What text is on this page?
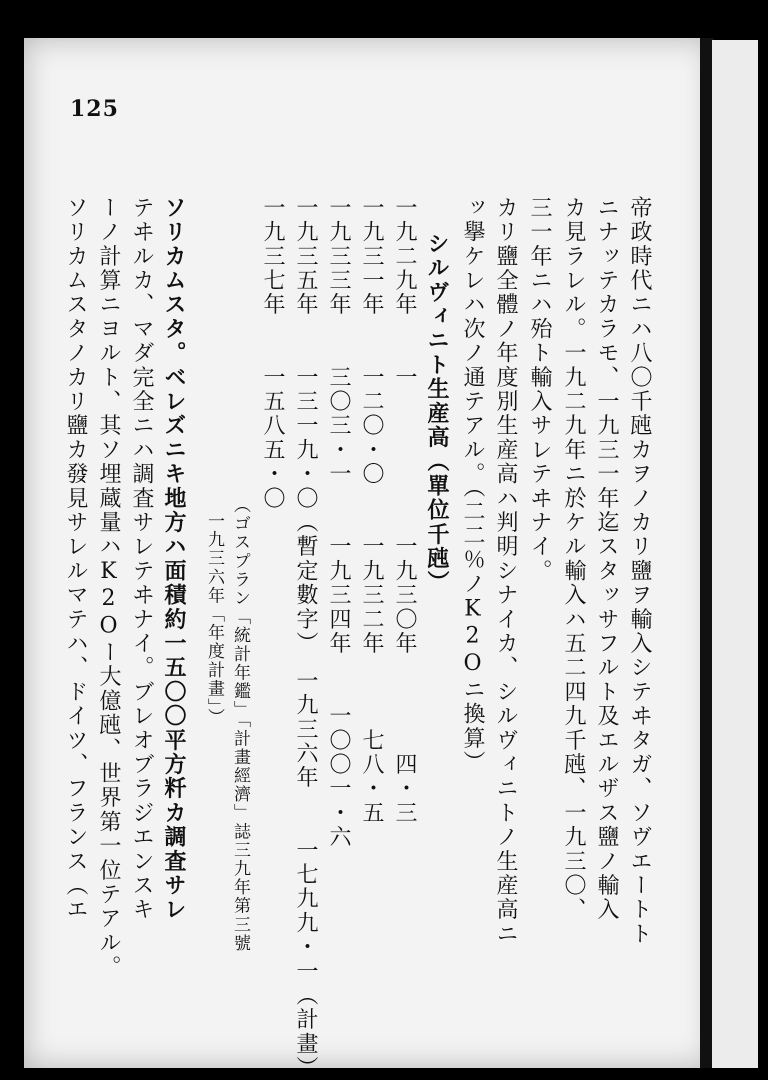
125
帝政時代ニハ八〇千瓲カヲノカリ鹽ヲ輸入シテヰタガ、ソヴエートト
ニナッテカラモ、一九三一年迄スタッサフルト及エルザス鹽ノ輸入
カ見ラレル。一九二九年ニ於ケル輸入ハ五二四九千瓲、一九三〇、
三一年ニハ殆ト輸入サレテヰナイ。
カリ鹽全體ノ年度別生産高ハ判明シナイカ、シルヴィニトノ生産高ニ
ッ擧ケレハ次ノ通テアル。（二二％ノK2Oニ換算）
シルヴィニト生産高（單位千瓲）
一九二九年　　一　　　　　　一九三〇年　　　　四・三
一九三一年　　一二〇・〇　　一九三二年　　　七八・五
一九三三年　　三〇三・一　　一九三四年　　一〇〇一・六
一九三五年　　一三一九・〇（暫定數字）　一九三六年　　一七九九・一（計畫）
一九三七年　　一五八五・〇
（ゴスプラン「統計年鑑」「計畫經濟」誌三九年第三號
一九三六年「年度計畫」）
ソリカムスタ。ベレズニキ地方ハ面積約一五〇〇平方粁カ調査サレ
テヰルカ、マダ完全ニハ調査サレテヰナイ。ブレオブラジエンスキ
ーノ計算ニヨルト、其ソ埋蔵量ハK2Oー大億瓲、世界第一位テアル。
ソリカムスタノカリ鹽カ發見サレルマテハ、ドイツ、フランス（エ
